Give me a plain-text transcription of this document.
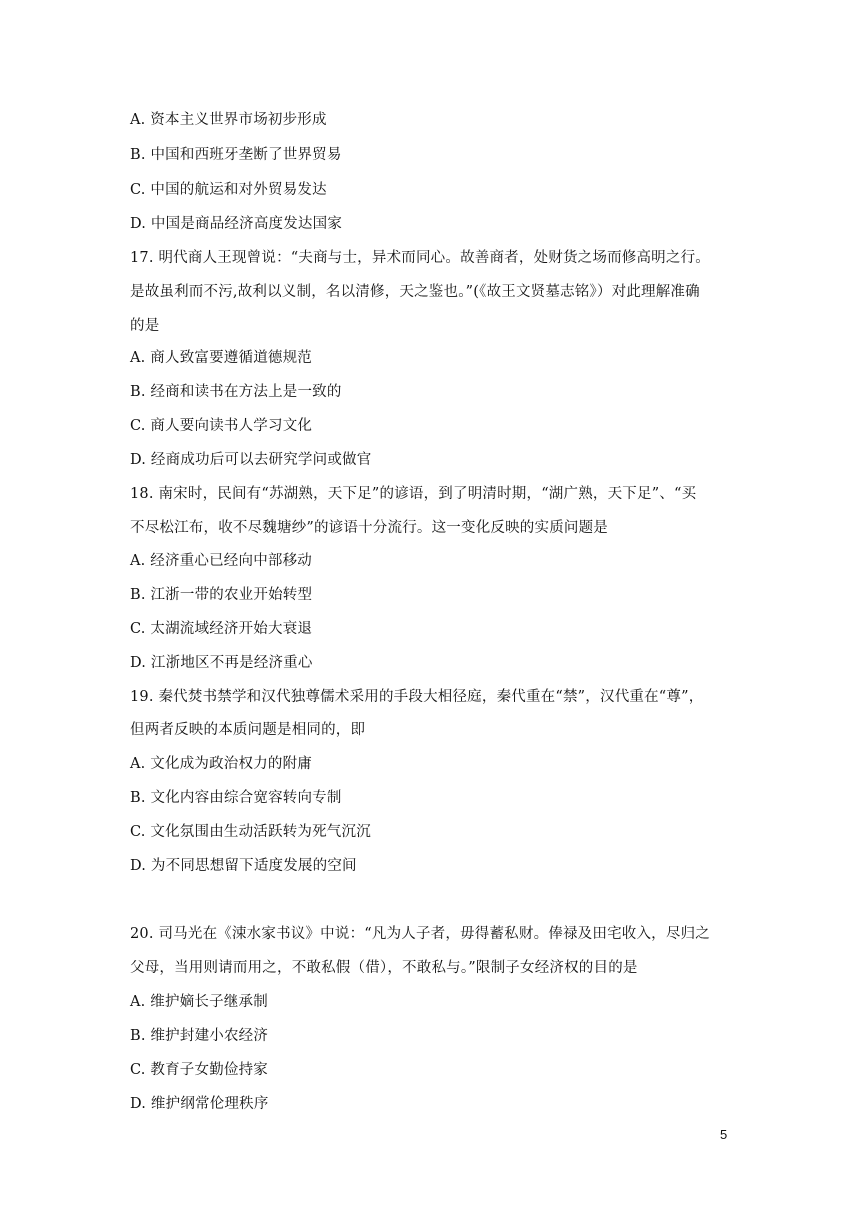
A. 资本主义世界市场初步形成
B. 中国和西班牙垄断了世界贸易
C. 中国的航运和对外贸易发达
D. 中国是商品经济高度发达国家
17. 明代商人王现曾说：“夫商与士，异术而同心。故善商者，处财货之场而修高明之行。
是故虽利而不污,故利以义制，名以清修，天之鉴也。”(《故王文贤墓志铭》）对此理解准确
的是
A. 商人致富要遵循道德规范
B. 经商和读书在方法上是一致的
C. 商人要向读书人学习文化
D. 经商成功后可以去研究学问或做官
18. 南宋时，民间有“苏湖熟，天下足”的谚语，到了明清时期，“湖广熟，天下足”、“买
不尽松江布，收不尽魏塘纱”的谚语十分流行。这一变化反映的实质问题是
A. 经济重心已经向中部移动
B. 江浙一带的农业开始转型
C. 太湖流域经济开始大衰退
D. 江浙地区不再是经济重心
19. 秦代焚书禁学和汉代独尊儒术采用的手段大相径庭，秦代重在“禁”，汉代重在“尊”，
但两者反映的本质问题是相同的，即
A. 文化成为政治权力的附庸
B. 文化内容由综合宽容转向专制
C. 文化氛围由生动活跃转为死气沉沉
D. 为不同思想留下适度发展的空间
20. 司马光在《涑水家书议》中说：“凡为人子者，毋得蓄私财。俸禄及田宅收入，尽归之
父母，当用则请而用之，不敢私假（借），不敢私与。”限制子女经济权的目的是
A. 维护嫡长子继承制
B. 维护封建小农经济
C. 教育子女勤俭持家
D. 维护纲常伦理秩序
5
